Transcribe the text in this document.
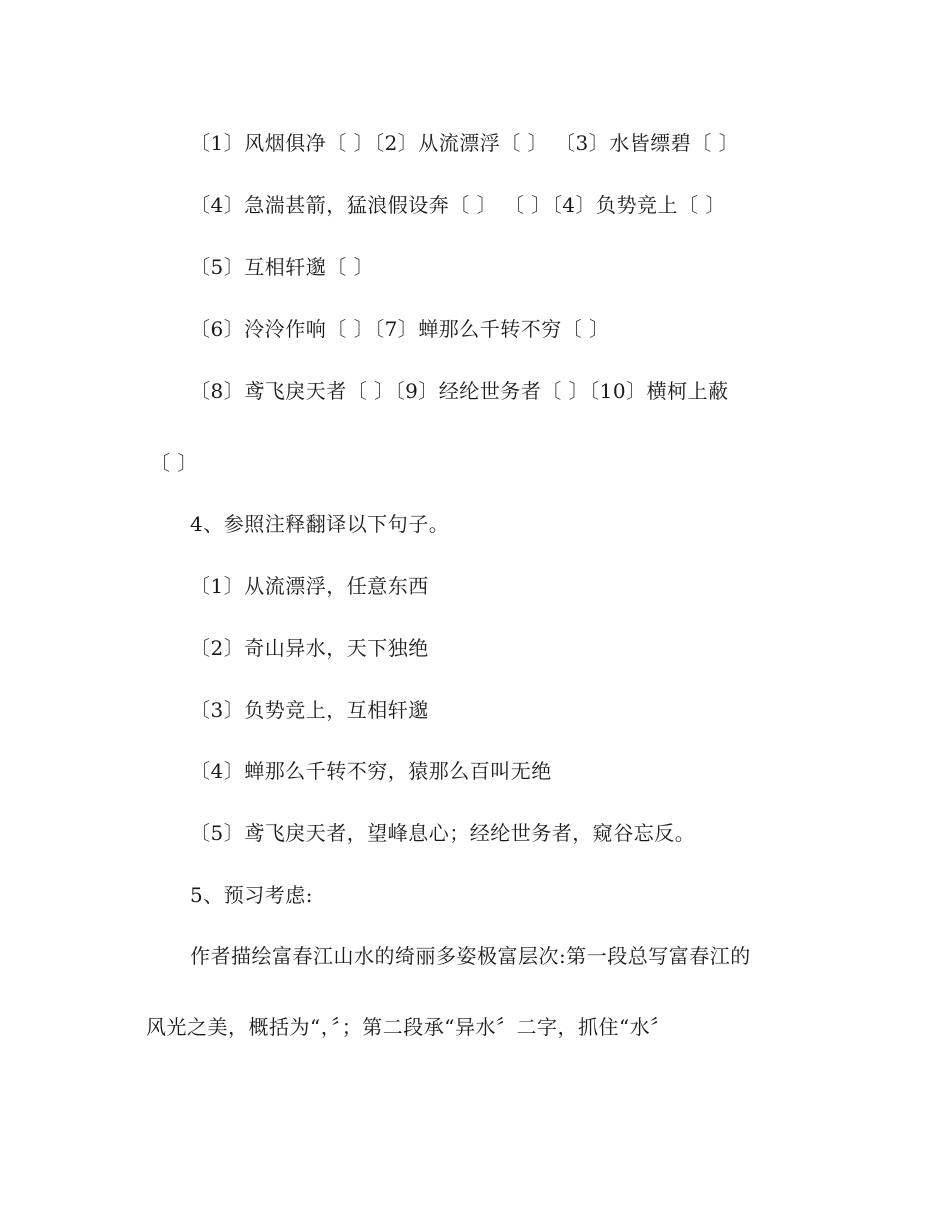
〔1〕风烟俱净〔 〕〔2〕从流漂浮〔 〕 〔3〕水皆缥碧〔 〕
〔4〕急湍甚箭，猛浪假设奔〔 〕 〔 〕〔4〕负势竞上〔 〕
〔5〕互相轩邈〔 〕
〔6〕泠泠作响〔 〕〔7〕蝉那么千转不穷〔 〕
〔8〕鸢飞戾天者〔 〕〔9〕经纶世务者〔 〕〔10〕横柯上蔽
〔 〕
4、参照注释翻译以下句子。
〔1〕从流漂浮，任意东西
〔2〕奇山异水，天下独绝
〔3〕负势竞上，互相轩邈
〔4〕蝉那么千转不穷，猿那么百叫无绝
〔5〕鸢飞戾天者，望峰息心；经纶世务者，窥谷忘反。
5、预习考虑:
作者描绘富春江山水的绮丽多姿极富层次:第一段总写富春江的
风光之美，概括为“，〞；第二段承“异水〞二字，抓住“水〞
